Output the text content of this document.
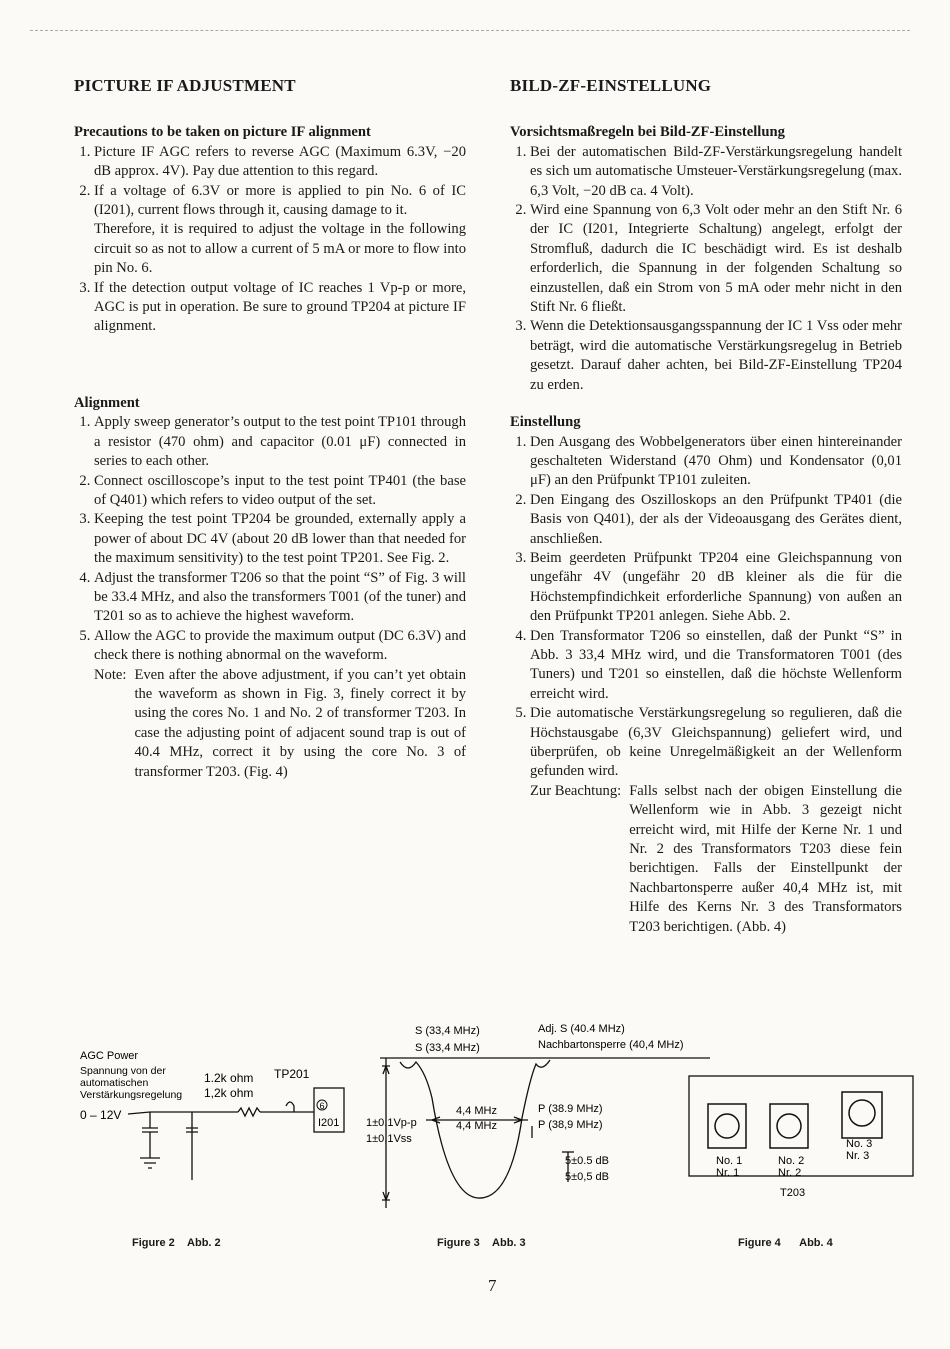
PICTURE IF ADJUSTMENT
Precautions to be taken on picture IF alignment
1. Picture IF AGC refers to reverse AGC (Maximum 6.3V, −20 dB approx. 4V). Pay due attention to this regard.
2. If a voltage of 6.3V or more is applied to pin No. 6 of IC (I201), current flows through it, causing damage to it.

Therefore, it is required to adjust the voltage in the following circuit so as not to allow a current of 5 mA or more to flow into pin No. 6.

3. If the detection output voltage of IC reaches 1 Vp-p or more, AGC is put in operation. Be sure to ground TP204 at picture IF alignment.
Alignment
1. Apply sweep generator’s output to the test point TP101 through a resistor (470 ohm) and capacitor (0.01 μF) connected in series to each other.
2. Connect oscilloscope’s input to the test point TP401 (the base of Q401) which refers to video output of the set.
3. Keeping the test point TP204 be grounded, externally apply a power of about DC 4V (about 20 dB lower than that needed for the maximum sensitivity) to the test point TP201. See Fig. 2.
4. Adjust the transformer T206 so that the point “S” of Fig. 3 will be 33.4 MHz, and also the transformers T001 (of the tuner) and T201 so as to achieve the highest waveform.
5. Allow the AGC to provide the maximum output (DC 6.3V) and check there is nothing abnormal on the waveform.
Note: Even after the above adjustment, if you can’t yet obtain the waveform as shown in Fig. 3, finely correct it by using the cores No. 1 and No. 2 of transformer T203. In case the adjusting point of adjacent sound trap is out of 40.4 MHz, correct it by using the core No. 3 of transformer T203. (Fig. 4)
BILD-ZF-EINSTELLUNG
Vorsichtsmaßregeln bei Bild-ZF-Einstellung
1. Bei der automatischen Bild-ZF-Verstärkungsregelung handelt es sich um automatische Umsteuer-Verstärkungsregelung (max. 6,3 Volt, −20 dB ca. 4 Volt).
2. Wird eine Spannung von 6,3 Volt oder mehr an den Stift Nr. 6 der IC (I201, Integrierte Schaltung) angelegt, erfolgt der Stromfluß, dadurch die IC beschädigt wird. Es ist deshalb erforderlich, die Spannung in der folgenden Schaltung so einzustellen, daß ein Strom von 5 mA oder mehr nicht in den Stift Nr. 6 fließt.
3. Wenn die Detektionsausgangsspannung der IC 1 Vss oder mehr beträgt, wird die automatische Verstärkungsregelug in Betrieb gesetzt. Darauf daher achten, bei Bild-ZF-Einstellung TP204 zu erden.
Einstellung
1. Den Ausgang des Wobbelgenerators über einen hintereinander geschalteten Widerstand (470 Ohm) und Kondensator (0,01 μF) an den Prüfpunkt TP101 zuleiten.
2. Den Eingang des Oszilloskops an den Prüfpunkt TP401 (die Basis von Q401), der als der Videoausgang des Gerätes dient, anschließen.
3. Beim geerdeten Prüfpunkt TP204 eine Gleichspannung von ungefähr 4V (ungefähr 20 dB kleiner als die für die Höchstempfindichkeit erforderliche Spannung) von außen an den Prüfpunkt TP201 anlegen. Siehe Abb. 2.
4. Den Transformator T206 so einstellen, daß der Punkt “S” in Abb. 3 33,4 MHz wird, und die Transformatoren T001 (des Tuners) und T201 so einstellen, daß die höchste Wellenform erreicht wird.
5. Die automatische Verstärkungsregelung so regulieren, daß die Höchstausgabe (6,3V Gleichspannung) geliefert wird, und überprüfen, ob keine Unregelmäßigkeit an der Wellenform gefunden wird.
Zur Beachtung: Falls selbst nach der obigen Einstellung die Wellenform wie in Abb. 3 gezeigt nicht erreicht wird, mit Hilfe der Kerne Nr. 1 und Nr. 2 des Transformators T203 diese fein berichtigen. Falls der Einstellpunkt der Nachbartonsperre außer 40,4 MHz ist, mit Hilfe des Kerns Nr. 3 des Transformators T203 berichtigen. (Abb. 4)
AGC Power
Spannung von der
automatischen
Verstärkungsregelung
1.2k ohm
1,2k ohm
TP201
0 – 12V
6
I201
S (33,4 MHz)
S (33,4 MHz)
Adj. S (40.4 MHz)
Nachbartonsperre (40,4 MHz)
1±0.1Vp-p
1±0,1Vss
4,4 MHz
4,4 MHz
P (38.9 MHz)
P (38,9 MHz)
5±0.5 dB
5±0,5 dB
No. 1
Nr. 1
No. 2
Nr. 2
No. 3
Nr. 3
T203
Figure 2 Abb. 2	Figure 3 Abb. 3	Figure 4 Abb. 4
7
